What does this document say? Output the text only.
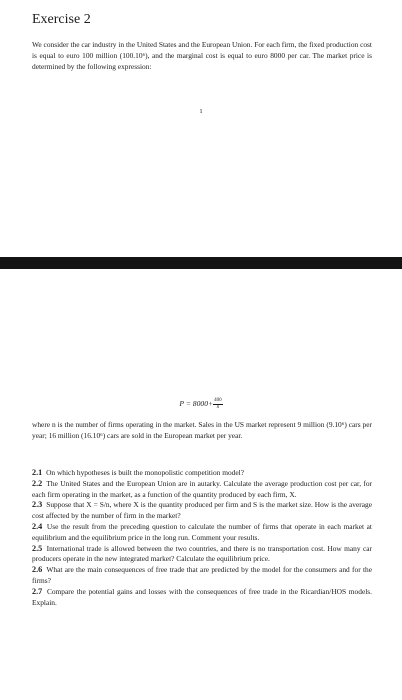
Exercise 2

We consider the car industry in the United States and the European Union. For each firm, the fixed production cost is equal to euro 100 million (100.10⁶), and the marginal cost is equal to euro 8000 per car. The market price is determined by the following expression:

1
$P = 8000+ \frac{400}{n}$

where n is the number of firms operating in the market. Sales in the US market represent 9 million (9.10⁶) cars per year; 16 million (16.10⁶) cars are sold in the European market per year.

2.1 On which hypotheses is built the monopolistic competition model?

2.2 The United States and the European Union are in autarky. Calculate the average production cost per car, for each firm operating in the market, as a function of the quantity produced by each firm, X.

2.3 Suppose that X = S/n, where X is the quantity produced per firm and S is the market size. How is the average cost affected by the number of firm in the market?

2.4 Use the result from the preceding question to calculate the number of firms that operate in each market at equilibrium and the equilibrium price in the long run. Comment your results.

2.5 International trade is allowed between the two countries, and there is no transportation cost. How many car producers operate in the new integrated market? Calculate the equilibrium price.

2.6 What are the main consequences of free trade that are predicted by the model for the consumers and for the firms?

2.7 Compare the potential gains and losses with the consequences of free trade in the Ricardian/HOS models. Explain.
